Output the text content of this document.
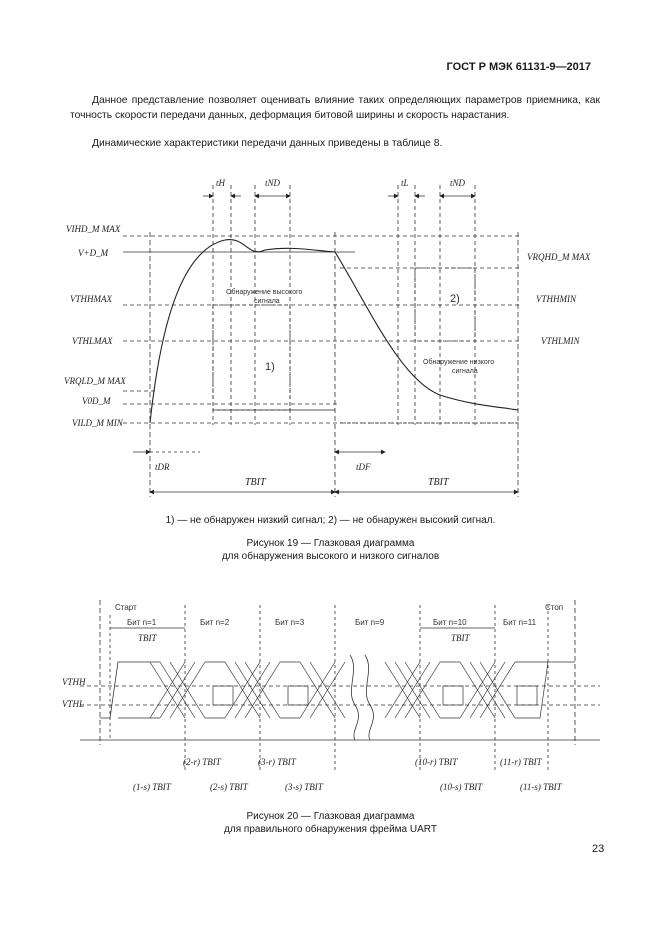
ГОСТ Р МЭК 61131-9—2017
Данное представление позволяет оценивать влияние таких определяющих параметров приемника, как точность скорости передачи данных, деформация битовой ширины и скорость нарастания.
Динамические характеристики передачи данных приведены в таблице 8.
VIHD_M MAX
V+D_M
VTHHMAX
VTHLMAX
VRQLD_M MAX
V0D_M
VILD_M MIN
VRQHD_M MAX
VTHHMIN
VTHLMIN
tH	tND	tL	tND
tDR	tDF
TBIT	TBIT
Обнаружение высокого
сигнала
Обнаружение низкого
сигнала
1)
2)
1) — не обнаружен низкий сигнал; 2) — не обнаружен высокий сигнал.
Рисунок 19 — Глазковая диаграмма
для обнаружения высокого и низкого сигналов
Старт	Стоп
Бит n=1	Бит n=2	Бит n=3	Бит n=9	Бит n=10	Бит n=11
TBIT	TBIT
VTHH
VTHL
(2-r) TBIT	(3-r) TBIT	(10-r) TBIT	(11-r) TBIT
(1-s) TBIT	(2-s) TBIT	(3-s) TBIT	(10-s) TBIT	(11-s) TBIT
Рисунок 20 — Глазковая диаграмма
для правильного обнаружения фрейма UART
23
